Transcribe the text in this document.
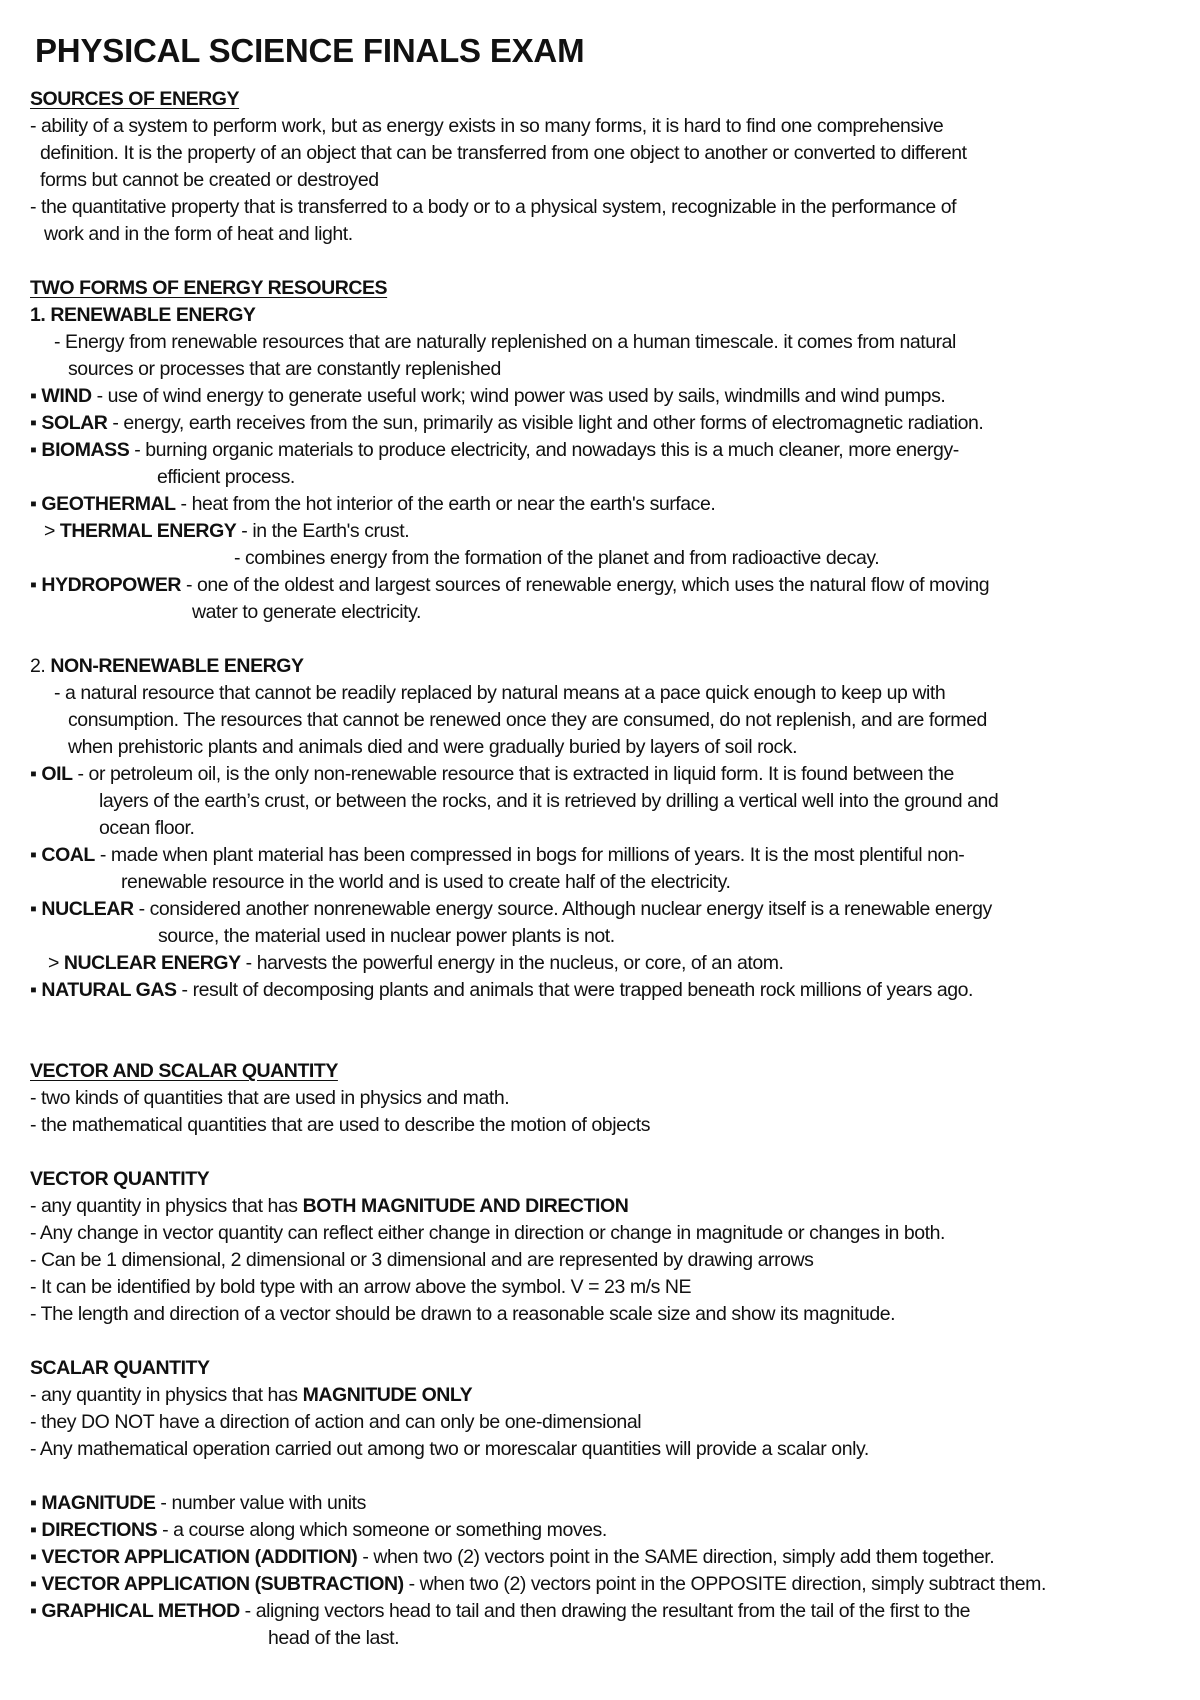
PHYSICAL SCIENCE FINALS EXAM
SOURCES OF ENERGY
- ability of a system to perform work, but as energy exists in so many forms, it is hard to find one comprehensive
definition. It is the property of an object that can be transferred from one object to another or converted to different
forms but cannot be created or destroyed
- the quantitative property that is transferred to a body or to a physical system, recognizable in the performance of
work and in the form of heat and light.
TWO FORMS OF ENERGY RESOURCES
1. RENEWABLE ENERGY
- Energy from renewable resources that are naturally replenished on a human timescale. it comes from natural
sources or processes that are constantly replenished
▪ WIND - use of wind energy to generate useful work; wind power was used by sails, windmills and wind pumps.
▪ SOLAR - energy, earth receives from the sun, primarily as visible light and other forms of electromagnetic radiation.
▪ BIOMASS - burning organic materials to produce electricity, and nowadays this is a much cleaner, more energy-
efficient process.
▪ GEOTHERMAL - heat from the hot interior of the earth or near the earth's surface.
> THERMAL ENERGY - in the Earth's crust.
- combines energy from the formation of the planet and from radioactive decay.
▪ HYDROPOWER - one of the oldest and largest sources of renewable energy, which uses the natural flow of moving
water to generate electricity.
2. NON-RENEWABLE ENERGY
- a natural resource that cannot be readily replaced by natural means at a pace quick enough to keep up with
consumption. The resources that cannot be renewed once they are consumed, do not replenish, and are formed
when prehistoric plants and animals died and were gradually buried by layers of soil rock.
▪ OIL - or petroleum oil, is the only non-renewable resource that is extracted in liquid form. It is found between the
layers of the earth’s crust, or between the rocks, and it is retrieved by drilling a vertical well into the ground and
ocean floor.
▪ COAL - made when plant material has been compressed in bogs for millions of years. It is the most plentiful non-
renewable resource in the world and is used to create half of the electricity.
▪ NUCLEAR - considered another nonrenewable energy source. Although nuclear energy itself is a renewable energy
source, the material used in nuclear power plants is not.
> NUCLEAR ENERGY - harvests the powerful energy in the nucleus, or core, of an atom.
▪ NATURAL GAS - result of decomposing plants and animals that were trapped beneath rock millions of years ago.
VECTOR AND SCALAR QUANTITY
- two kinds of quantities that are used in physics and math.
- the mathematical quantities that are used to describe the motion of objects
VECTOR QUANTITY
- any quantity in physics that has BOTH MAGNITUDE AND DIRECTION
- Any change in vector quantity can reflect either change in direction or change in magnitude or changes in both.
- Can be 1 dimensional, 2 dimensional or 3 dimensional and are represented by drawing arrows
- It can be identified by bold type with an arrow above the symbol. V = 23 m/s NE
- The length and direction of a vector should be drawn to a reasonable scale size and show its magnitude.
SCALAR QUANTITY
- any quantity in physics that has MAGNITUDE ONLY
- they DO NOT have a direction of action and can only be one-dimensional
- Any mathematical operation carried out among two or morescalar quantities will provide a scalar only.
▪ MAGNITUDE - number value with units
▪ DIRECTIONS - a course along which someone or something moves.
▪ VECTOR APPLICATION (ADDITION) - when two (2) vectors point in the SAME direction, simply add them together.
▪ VECTOR APPLICATION (SUBTRACTION) - when two (2) vectors point in the OPPOSITE direction, simply subtract them.
▪ GRAPHICAL METHOD - aligning vectors head to tail and then drawing the resultant from the tail of the first to the
head of the last.
